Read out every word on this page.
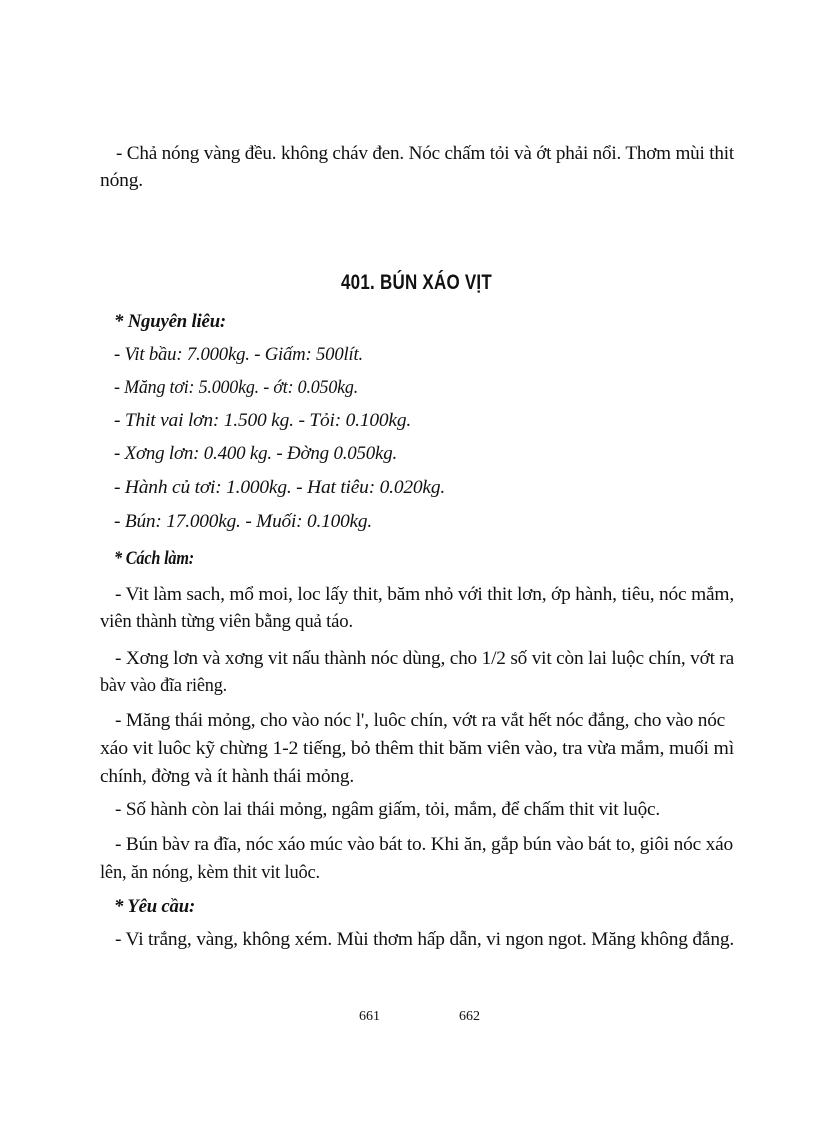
- Chả nóng vàng đều. không cháv đen. Nóc chấm tỏi và ớt phải nổi. Thơm mùi thit
nóng.
401. BÚN XÁO VỊT
* Nguyên liêu:
- Vit bầu: 7.000kg. - Giấm: 500lít.
- Măng tơi: 5.000kg. - ớt: 0.050kg.
- Thit vai lơn: 1.500 kg. - Tỏi: 0.100kg.
- Xơng lơn: 0.400 kg. - Đờng 0.050kg.
- Hành củ tơi: 1.000kg. - Hat tiêu: 0.020kg.
- Bún: 17.000kg. - Muối: 0.100kg.
* Cách làm:
- Vit làm sach, mổ moi, loc lấy thit, băm nhỏ với thit lơn, ớp hành, tiêu, nóc mắm,
viên thành từng viên bằng quả táo.
- Xơng lơn và xơng vit nấu thành nóc dùng, cho 1/2 số vit còn lai luộc chín, vớt ra
bàv vào đĩa riêng.
- Măng thái mỏng, cho vào nóc l', luôc chín, vớt ra vắt hết nóc đắng, cho vào nóc
xáo vit luôc kỹ chừng 1-2 tiếng, bỏ thêm thit băm viên vào, tra vừa mắm, muối mì
chính, đờng và ít hành thái mỏng.
- Số hành còn lai thái mỏng, ngâm giấm, tỏi, mắm, để chấm thit vit luộc.
- Bún bàv ra đĩa, nóc xáo múc vào bát to. Khi ăn, gắp bún vào bát to, giôi nóc xáo
lên, ăn nóng, kèm thit vit luôc.
* Yêu cầu:
- Vi trắng, vàng, không xém. Mùi thơm hấp dẫn, vi ngon ngot. Măng không đắng.
661	662
